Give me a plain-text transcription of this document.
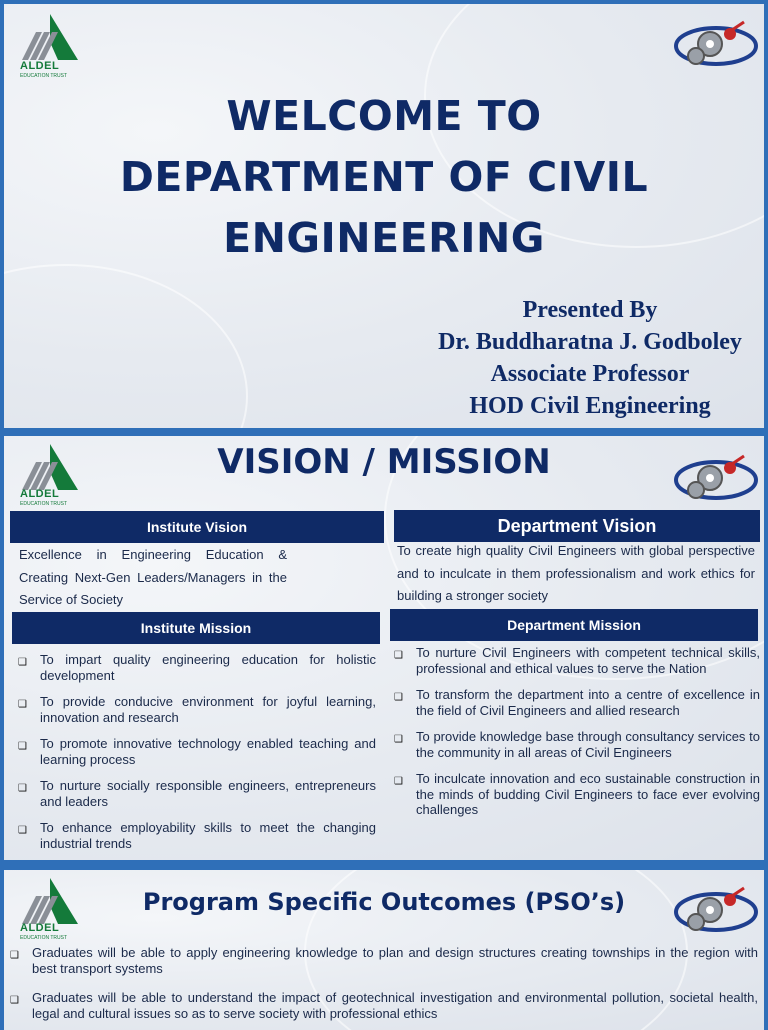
ALDEL
EDUCATION TRUST
WELCOME TO
DEPARTMENT OF CIVIL
ENGINEERING
Presented By
Dr. Buddharatna J. Godboley
Associate Professor
HOD Civil Engineering
ALDEL
EDUCATION TRUST
VISION / MISSION
Institute Vision
Excellence in Engineering Education & Creating Next-Gen Leaders/Managers in the Service of Society
Department Vision
To create high quality Civil Engineers with global perspective and to inculcate in them professionalism and work ethics for building a stronger society
Institute Mission
❑ To impart quality engineering education for holistic development
❑ To provide conducive environment for joyful learning, innovation and research
❑ To promote innovative technology enabled teaching and learning process
❑ To nurture socially responsible engineers, entrepreneurs and leaders
❑ To enhance employability skills to meet the changing industrial trends
Department Mission
❑ To nurture Civil Engineers with competent technical skills, professional and ethical values to serve the Nation
❑ To transform the department into a centre of excellence in the field of Civil Engineers and allied research
❑ To provide knowledge base through consultancy services to the community in all areas of Civil Engineers
❑ To inculcate innovation and eco sustainable construction in the minds of budding Civil Engineers to face ever evolving challenges
ALDEL
EDUCATION TRUST
Program Specific Outcomes (PSO’s)
❑ Graduates will be able to apply engineering knowledge to plan and design structures creating townships in the region with best transport systems
❑ Graduates will be able to understand the impact of geotechnical investigation and environmental pollution, societal health, legal and cultural issues so as to serve society with professional ethics
